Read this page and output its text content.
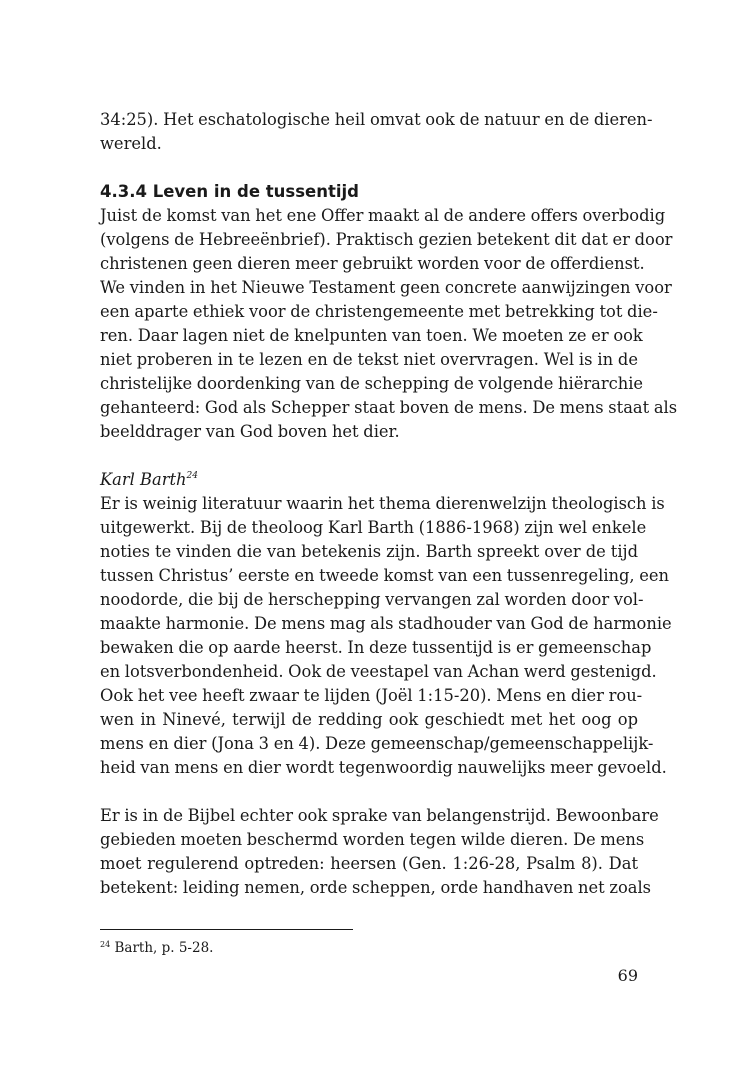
34:25). Het eschatologische heil omvat ook de natuur en de dieren-

wereld.

4.3.4 Leven in de tussentijd

Juist de komst van het ene Offer maakt al de andere offers overbodig

(volgens de Hebreeënbrief). Praktisch gezien betekent dit dat er door

christenen geen dieren meer gebruikt worden voor de offerdienst.

We vinden in het Nieuwe Testament geen concrete aanwijzingen voor

een aparte ethiek voor de christengemeente met betrekking tot die-

ren. Daar lagen niet de knelpunten van toen. We moeten ze er ook

niet proberen in te lezen en de tekst niet overvragen. Wel is in de

christelijke doordenking van de schepping de volgende hiërarchie

gehanteerd: God als Schepper staat boven de mens. De mens staat als

beelddrager van God boven het dier.

Karl Barth$^{24}$

Er is weinig literatuur waarin het thema dierenwelzijn theologisch is

uitgewerkt. Bij de theoloog Karl Barth (1886-1968) zijn wel enkele

noties te vinden die van betekenis zijn. Barth spreekt over de tijd

tussen Christus’ eerste en tweede komst van een tussenregeling, een

noodorde, die bij de herschepping vervangen zal worden door vol-

maakte harmonie. De mens mag als stadhouder van God de harmonie

bewaken die op aarde heerst. In deze tussentijd is er gemeenschap

en lotsverbondenheid. Ook de veestapel van Achan werd gestenigd.

Ook het vee heeft zwaar te lijden (Joël 1:15-20). Mens en dier rou-

wen in Ninevé, terwijl de redding ook geschiedt met het oog op

mens en dier (Jona 3 en 4). Deze gemeenschap/gemeenschappelijk-

heid van mens en dier wordt tegenwoordig nauwelijks meer gevoeld.

Er is in de Bijbel echter ook sprake van belangenstrijd. Bewoonbare

gebieden moeten beschermd worden tegen wilde dieren. De mens

moet regulerend optreden: heersen (Gen. 1:26-28, Psalm 8). Dat

betekent: leiding nemen, orde scheppen, orde handhaven net zoals

$^{24}$ Barth, p. 5-28.

69
